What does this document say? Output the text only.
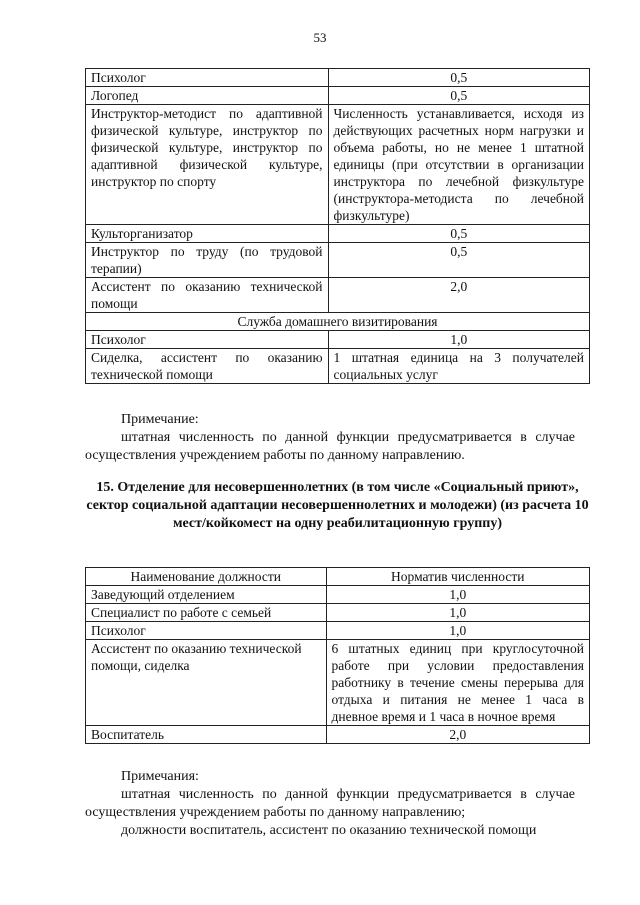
53
Психолог	0,5
Логопед	0,5
Инструктор-методист по адаптивной физической культуре, инструктор по физической культуре, инструктор по адаптивной физической культуре, инструктор по спорту	Численность устанавливается, исходя из действующих расчетных норм нагрузки и объема работы, но не менее 1 штатной единицы (при отсутствии в организации инструктора по лечебной физкультуре (инструктора-методиста по лечебной физкультуре)
Культорганизатор	0,5
Инструктор по труду (по трудовой терапии)	0,5
Ассистент по оказанию технической помощи	2,0
Служба домашнего визитирования	
Психолог	1,0
Сиделка, ассистент по оказанию технической помощи	1 штатная единица на 3 получателей социальных услуг
Примечание:
штатная численность по данной функции предусматривается в случае осуществления учреждением работы по данному направлению.
15. Отделение для несовершеннолетних (в том числе «Социальный приют», сектор социальной адаптации несовершеннолетних и молодежи) (из расчета 10 мест/койкомест на одну реабилитационную группу)
Наименование должности	Норматив численности
Заведующий отделением	1,0
Специалист по работе с семьей	1,0
Психолог	1,0
Ассистент по оказанию технической помощи, сиделка	6 штатных единиц при круглосуточной работе при условии предоставления работнику в течение смены перерыва для отдыха и питания не менее 1 часа в дневное время и 1 часа в ночное время
Воспитатель	2,0
Примечания:
штатная численность по данной функции предусматривается в случае осуществления учреждением работы по данному направлению;
должности воспитатель, ассистент по оказанию технической помощи
